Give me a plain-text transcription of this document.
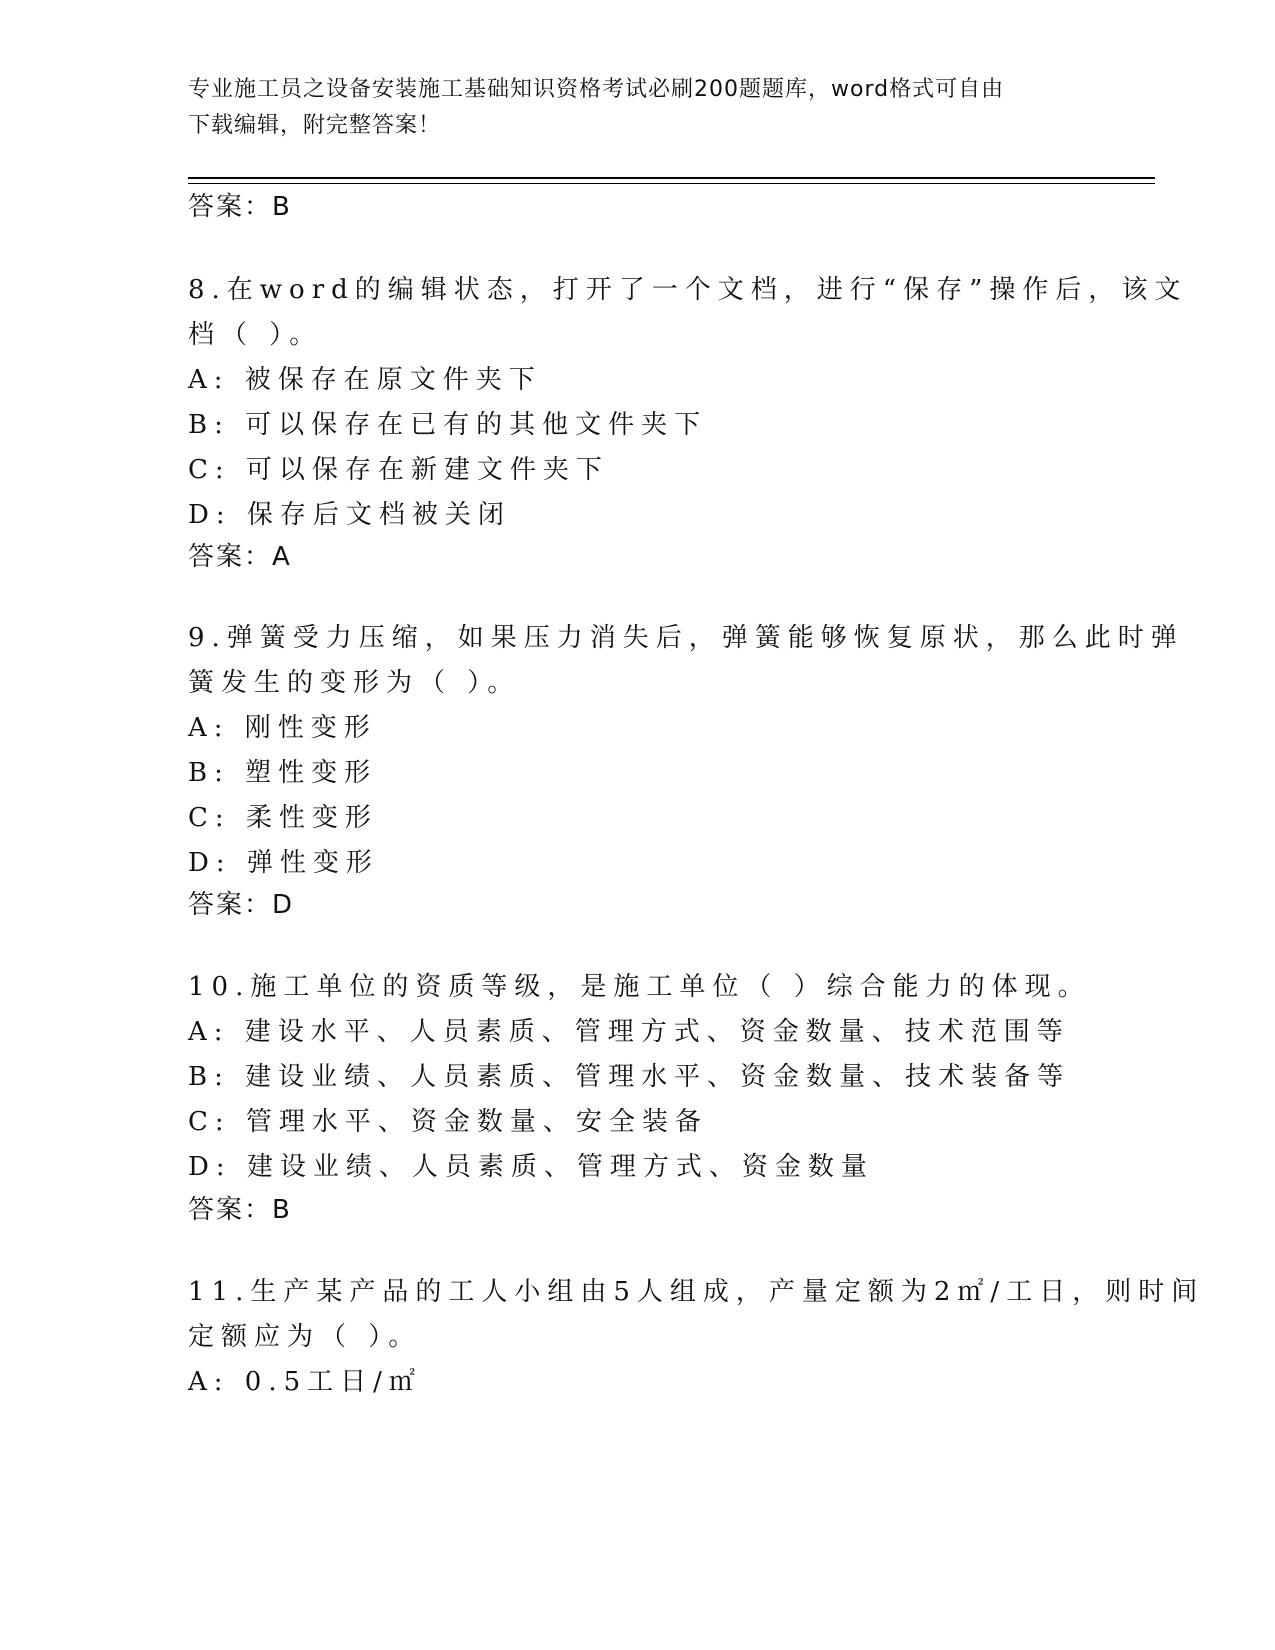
专业施工员之设备安装施工基础知识资格考试必刷200题题库，word格式可自由
下载编辑，附完整答案！
答案：B
8.在word的编辑状态，打开了一个文档，进行“保存”操作后，该文
档（ ）。
A: 被保存在原文件夹下
B: 可以保存在已有的其他文件夹下
C: 可以保存在新建文件夹下
D: 保存后文档被关闭
答案：A
9.弹簧受力压缩，如果压力消失后，弹簧能够恢复原状，那么此时弹
簧发生的变形为（ ）。
A: 刚性变形
B: 塑性变形
C: 柔性变形
D: 弹性变形
答案：D
10.施工单位的资质等级，是施工单位（ ）综合能力的体现。
A: 建设水平、人员素质、管理方式、资金数量、技术范围等
B: 建设业绩、人员素质、管理水平、资金数量、技术装备等
C: 管理水平、资金数量、安全装备
D: 建设业绩、人员素质、管理方式、资金数量
答案：B
11.生产某产品的工人小组由5人组成，产量定额为2㎡/工日，则时间
定额应为（ ）。
A: 0.5工日/㎡
